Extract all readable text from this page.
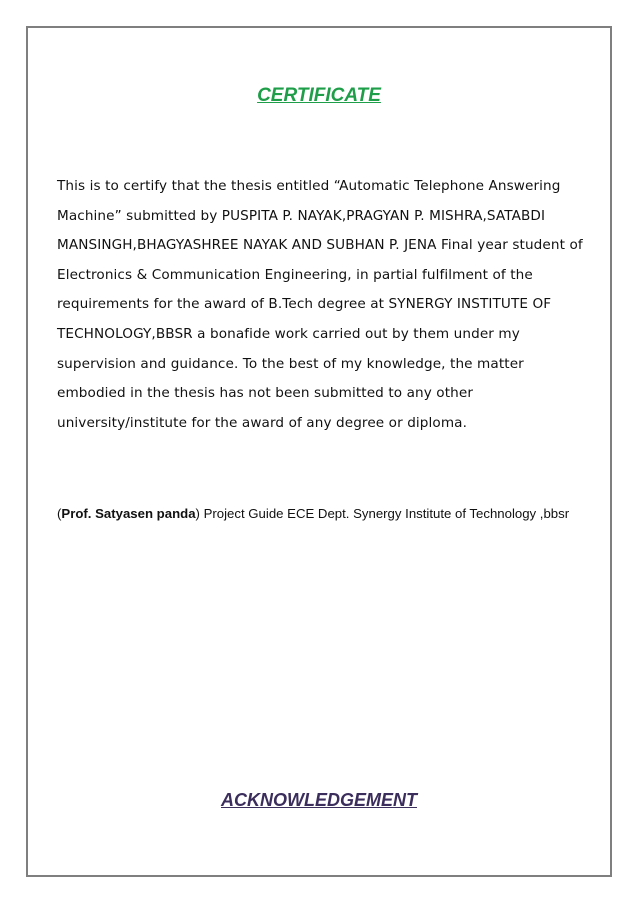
CERTIFICATE

This is to certify that the thesis entitled “Automatic Telephone Answering Machine” submitted by PUSPITA P. NAYAK,PRAGYAN P. MISHRA,SATABDI MANSINGH,BHAGYASHREE NAYAK AND SUBHAN P. JENA Final year student of Electronics & Communication Engineering, in partial fulfilment of the requirements for the award of B.Tech degree at SYNERGY INSTITUTE OF TECHNOLOGY,BBSR a bonafide work carried out by them under my supervision and guidance. To the best of my knowledge, the matter embodied in the thesis has not been submitted to any other university/institute for the award of any degree or diploma.

(Prof. Satyasen panda) Project Guide ECE Dept. Synergy Institute of Technology ,bbsr

ACKNOWLEDGEMENT
